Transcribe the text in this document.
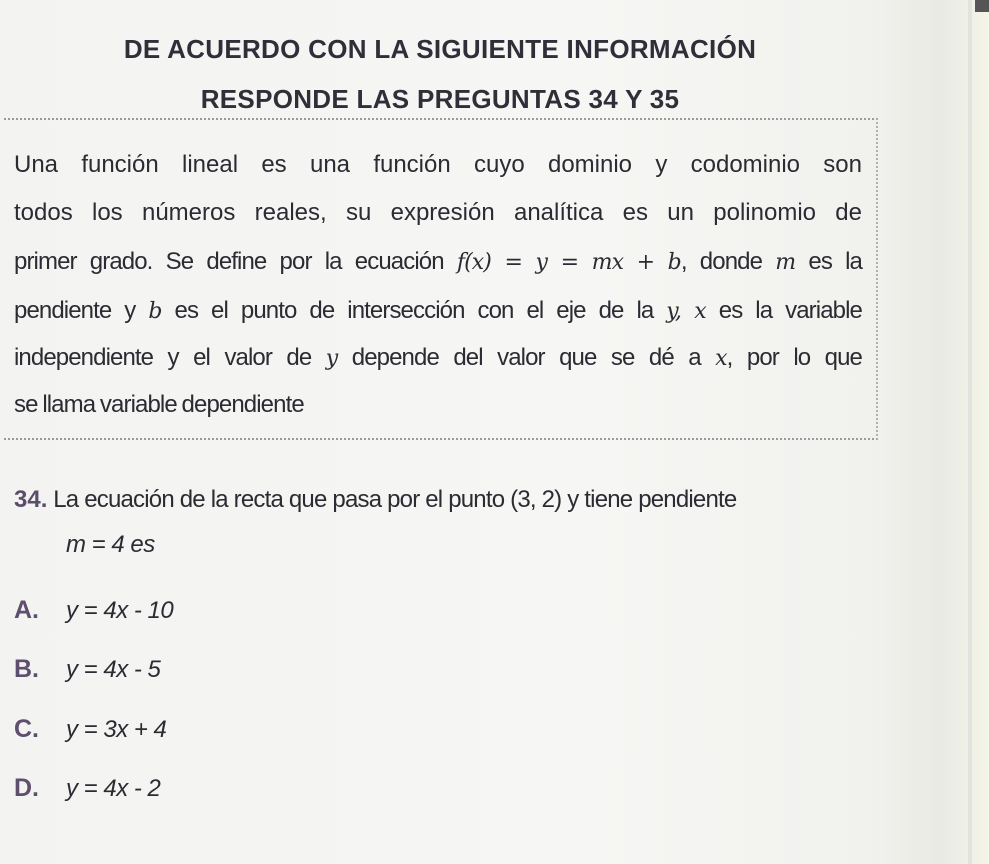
DE ACUERDO CON LA SIGUIENTE INFORMACIÓN
RESPONDE LAS PREGUNTAS 34 Y 35
Una función lineal es una función cuyo dominio y codominio son
todos los números reales, su expresión analítica es un polinomio de
primer grado. Se define por la ecuación f(x) = y = mx + b, donde m es la
pendiente y b es el punto de intersección con el eje de la y, x es la variable
independiente y el valor de y depende del valor que se dé a x, por lo que
se llama variable dependiente
34. La ecuación de la recta que pasa por el punto (3, 2) y tiene pendiente
m = 4 es
A. y = 4x - 10
B. y = 4x - 5
C. y = 3x + 4
D. y = 4x - 2
